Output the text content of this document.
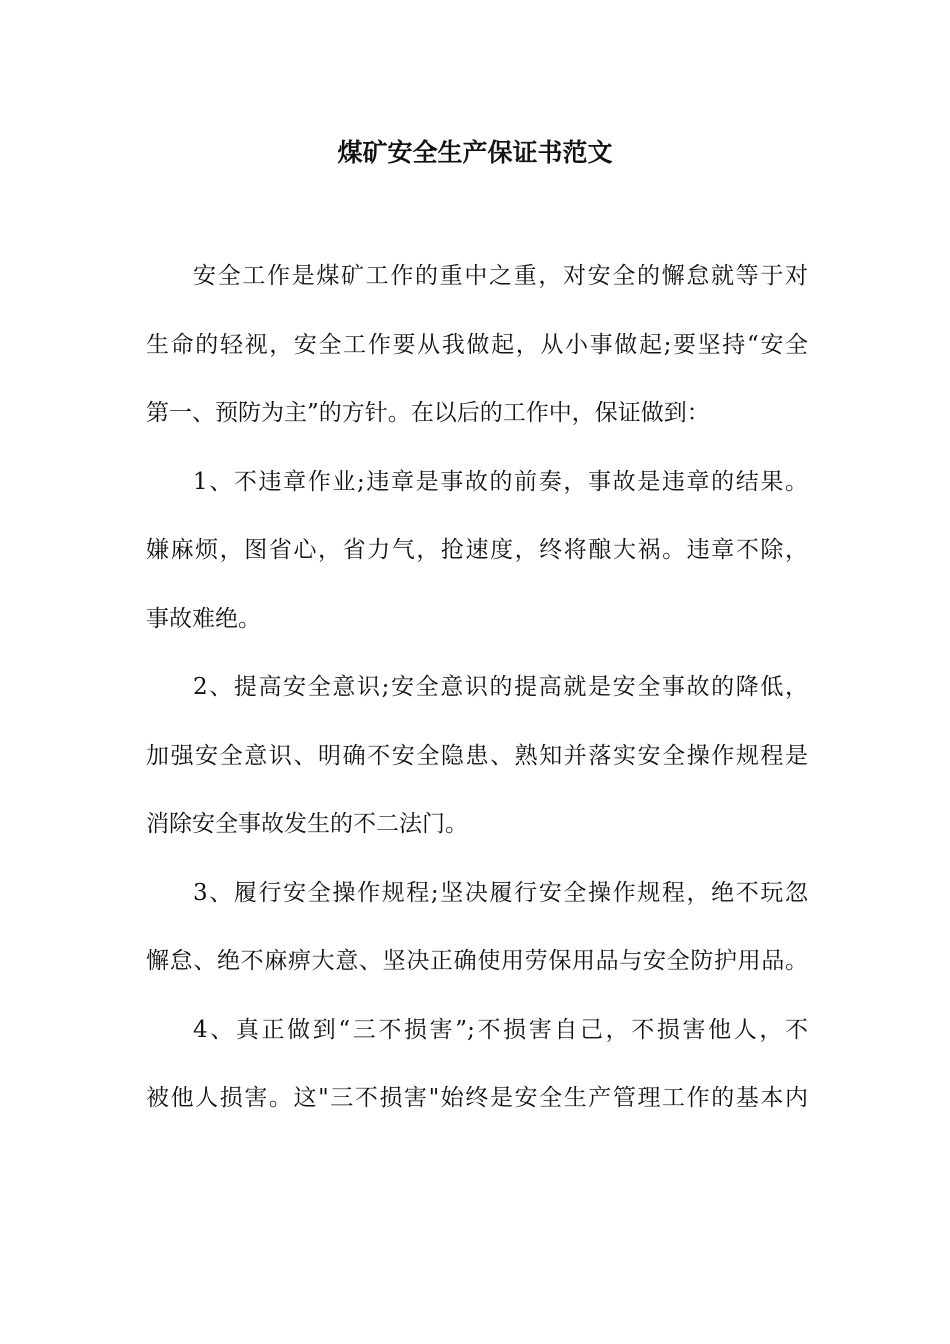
煤矿安全生产保证书范文
安全工作是煤矿工作的重中之重，对安全的懈怠就等于对
生命的轻视，安全工作要从我做起，从小事做起;要坚持“安全
第一、预防为主”的方针。在以后的工作中，保证做到：
1、不违章作业;违章是事故的前奏，事故是违章的结果。
嫌麻烦，图省心，省力气，抢速度，终将酿大祸。违章不除，
事故难绝。
2、提高安全意识;安全意识的提高就是安全事故的降低，
加强安全意识、明确不安全隐患、熟知并落实安全操作规程是
消除安全事故发生的不二法门。
3、履行安全操作规程;坚决履行安全操作规程，绝不玩忽
懈怠、绝不麻痹大意、坚决正确使用劳保用品与安全防护用品。
4、真正做到“三不损害”;不损害自己，不损害他人，不
被他人损害。这"三不损害"始终是安全生产管理工作的基本内
